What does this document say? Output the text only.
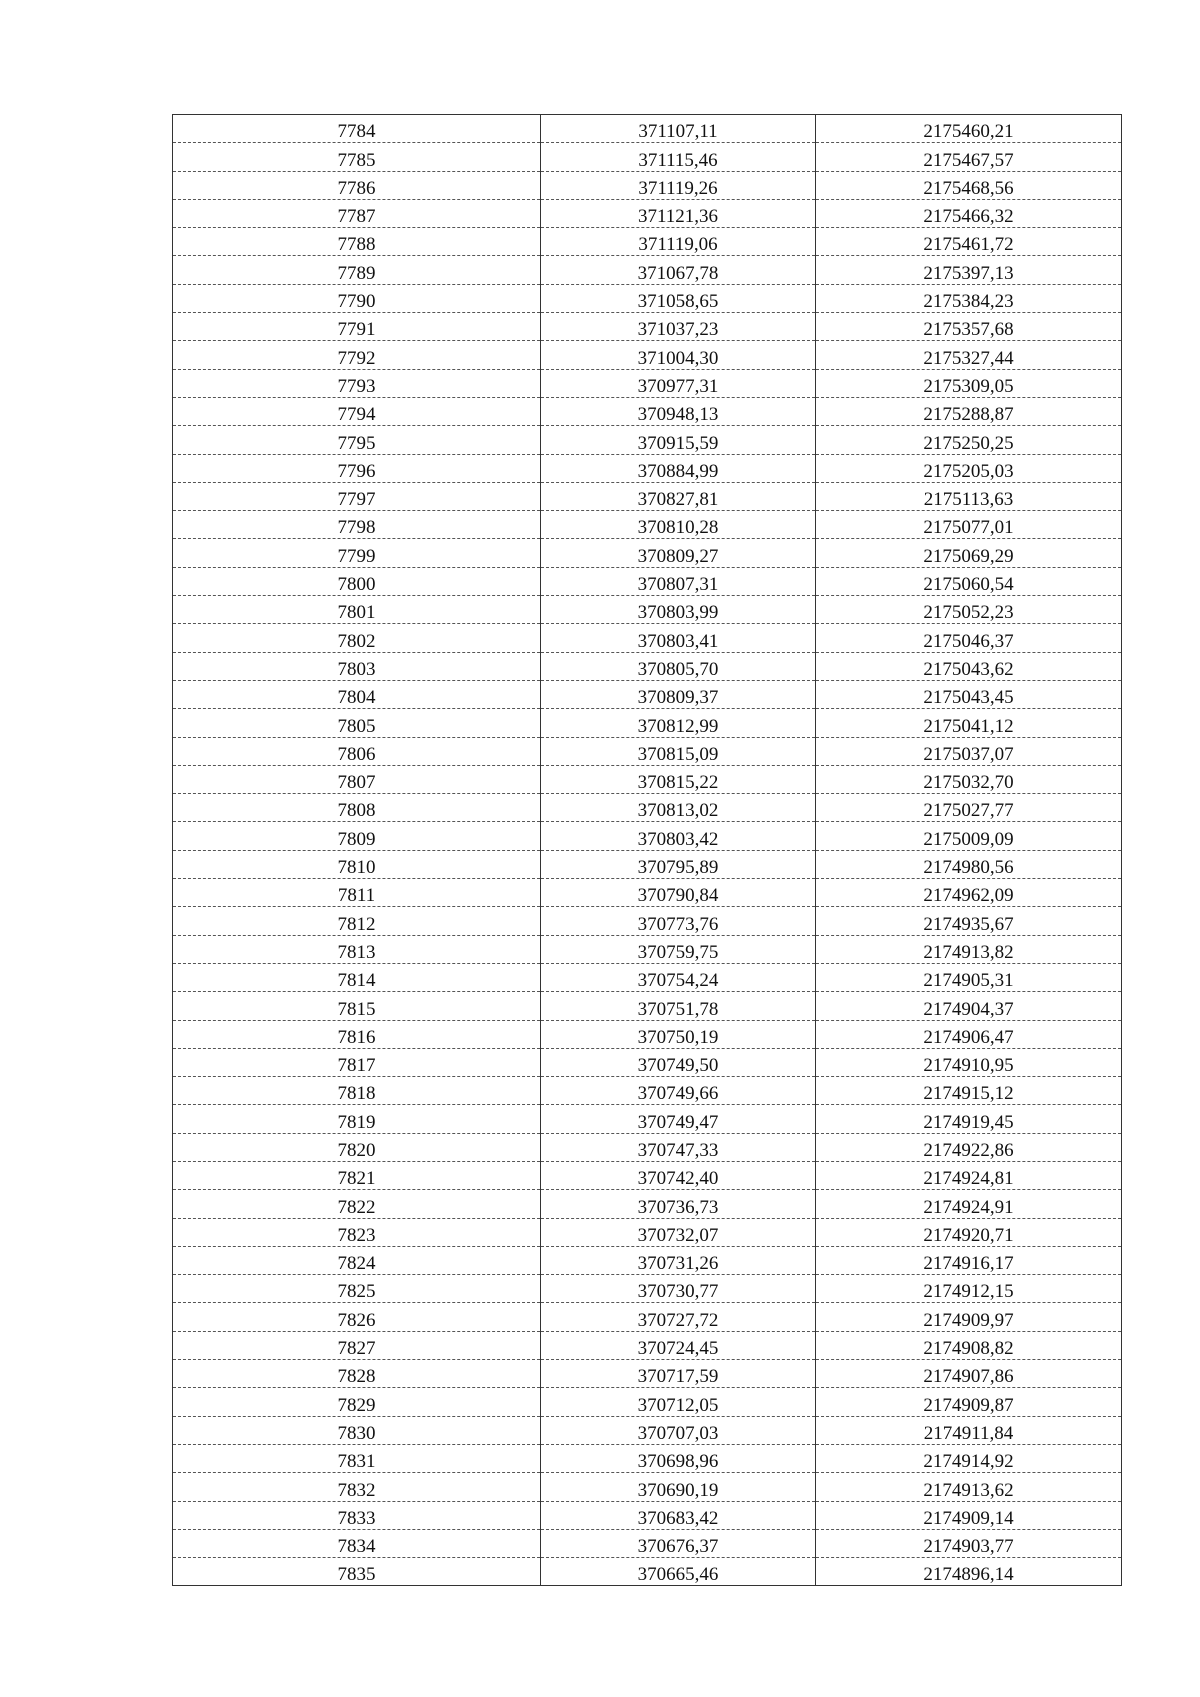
7784	371107,11	2175460,21
7785	371115,46	2175467,57
7786	371119,26	2175468,56
7787	371121,36	2175466,32
7788	371119,06	2175461,72
7789	371067,78	2175397,13
7790	371058,65	2175384,23
7791	371037,23	2175357,68
7792	371004,30	2175327,44
7793	370977,31	2175309,05
7794	370948,13	2175288,87
7795	370915,59	2175250,25
7796	370884,99	2175205,03
7797	370827,81	2175113,63
7798	370810,28	2175077,01
7799	370809,27	2175069,29
7800	370807,31	2175060,54
7801	370803,99	2175052,23
7802	370803,41	2175046,37
7803	370805,70	2175043,62
7804	370809,37	2175043,45
7805	370812,99	2175041,12
7806	370815,09	2175037,07
7807	370815,22	2175032,70
7808	370813,02	2175027,77
7809	370803,42	2175009,09
7810	370795,89	2174980,56
7811	370790,84	2174962,09
7812	370773,76	2174935,67
7813	370759,75	2174913,82
7814	370754,24	2174905,31
7815	370751,78	2174904,37
7816	370750,19	2174906,47
7817	370749,50	2174910,95
7818	370749,66	2174915,12
7819	370749,47	2174919,45
7820	370747,33	2174922,86
7821	370742,40	2174924,81
7822	370736,73	2174924,91
7823	370732,07	2174920,71
7824	370731,26	2174916,17
7825	370730,77	2174912,15
7826	370727,72	2174909,97
7827	370724,45	2174908,82
7828	370717,59	2174907,86
7829	370712,05	2174909,87
7830	370707,03	2174911,84
7831	370698,96	2174914,92
7832	370690,19	2174913,62
7833	370683,42	2174909,14
7834	370676,37	2174903,77
7835	370665,46	2174896,14
